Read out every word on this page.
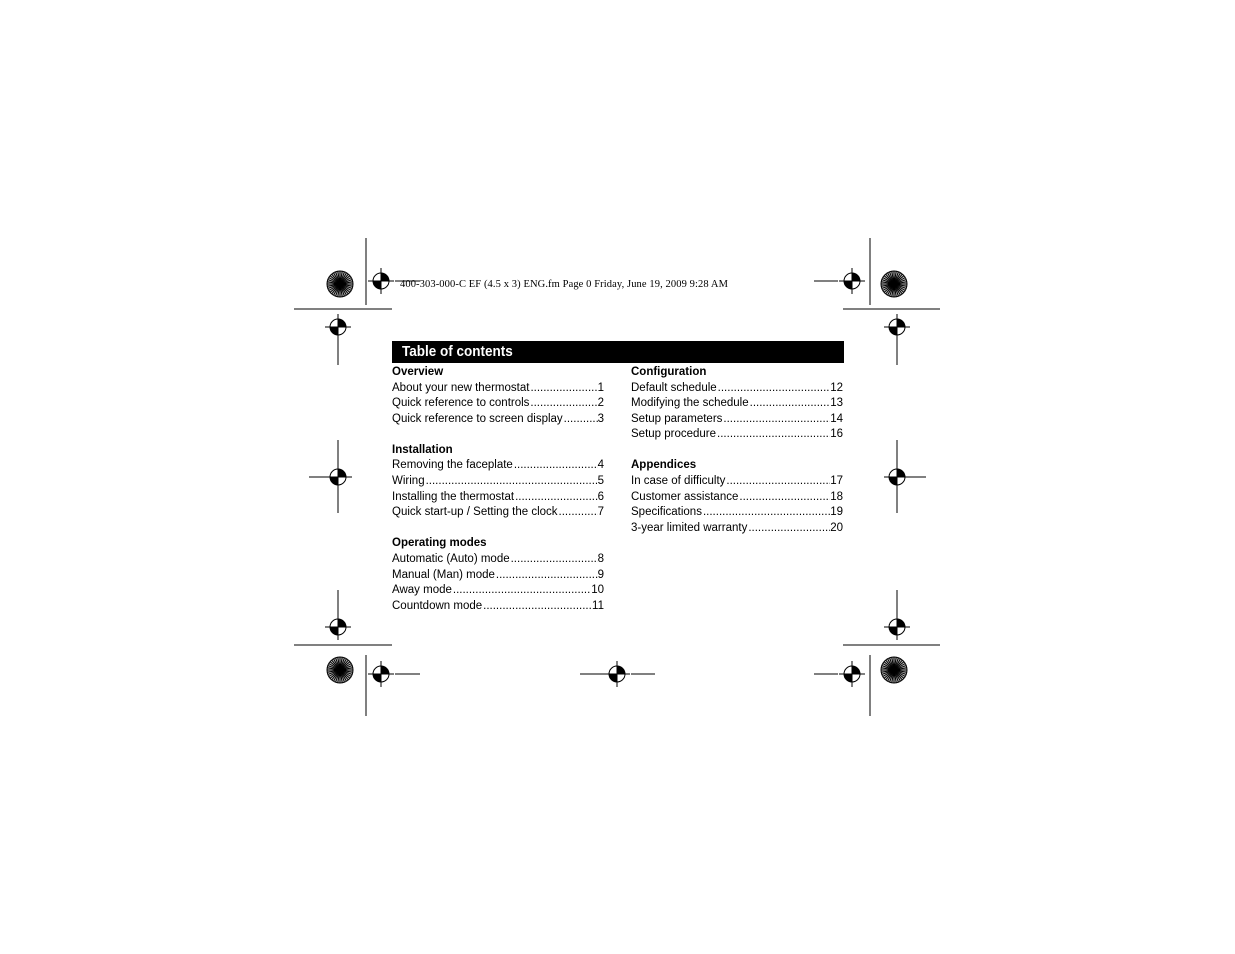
400-303-000-C EF (4.5 x 3) ENG.fm Page 0 Friday, June 19, 2009 9:28 AM
Table of contents
Overview
About your new thermostat .....	1
Quick reference to controls .....	2
Quick reference to screen display .....	3
Installation
Removing the faceplate .....	4
Wiring .....	5
Installing the thermostat .....	6
Quick start-up / Setting the clock .....	7
Operating modes
Automatic (Auto) mode .....	8
Manual (Man) mode .....	9
Away mode .....	10
Countdown mode .....	11
Configuration
Default schedule .....	12
Modifying the schedule .....	13
Setup parameters .....	14
Setup procedure .....	16
Appendices
In case of difficulty .....	17
Customer assistance .....	18
Specifications .....	19
3-year limited warranty .....	20
